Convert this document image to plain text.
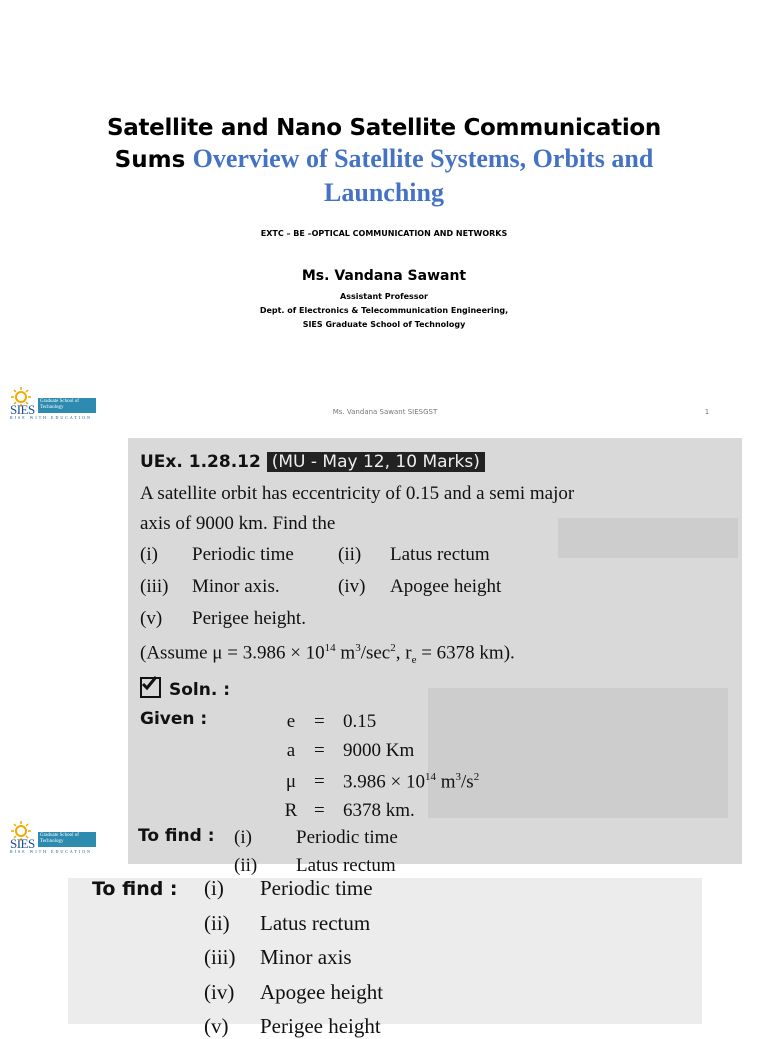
Satellite and Nano Satellite Communication
Sums Overview of Satellite Systems, Orbits and
Launching
EXTC – BE –OPTICAL COMMUNICATION AND NETWORKS
Ms. Vandana Sawant
Assistant Professor
Dept. of Electronics & Telecommunication Engineering,
SIES Graduate School of Technology
SIES
Graduate School of Technology
RISE WITH EDUCATION
Ms. Vandana Sawant SIESGST	1
UEx. 1.28.12 (MU - May 12, 10 Marks)
A satellite orbit has eccentricity of 0.15 and a semi major
axis of 9000 km. Find the
(i) Periodic time (ii) Latus rectum
(iii) Minor axis.	(iv) Apogee height
(v) Perigee height.
(Assume $\mu = 3.986 \times 10^{14}$ $m^3/\sec^2$, $r_e = 6378$ km).
Soln. :
Given :	e = 0.15
a = 9000 Km
$\mu = 3.986 \times 10^{14}$ $m^3/s^2$
R = 6378 km.
To find : (i) Periodic time
(ii) Latus rectum
SIES
Graduate School of Technology
RISE WITH EDUCATION
To find : (i) Periodic time
(ii) Latus rectum
(iii) Minor axis
(iv) Apogee height
(v) Perigee height
